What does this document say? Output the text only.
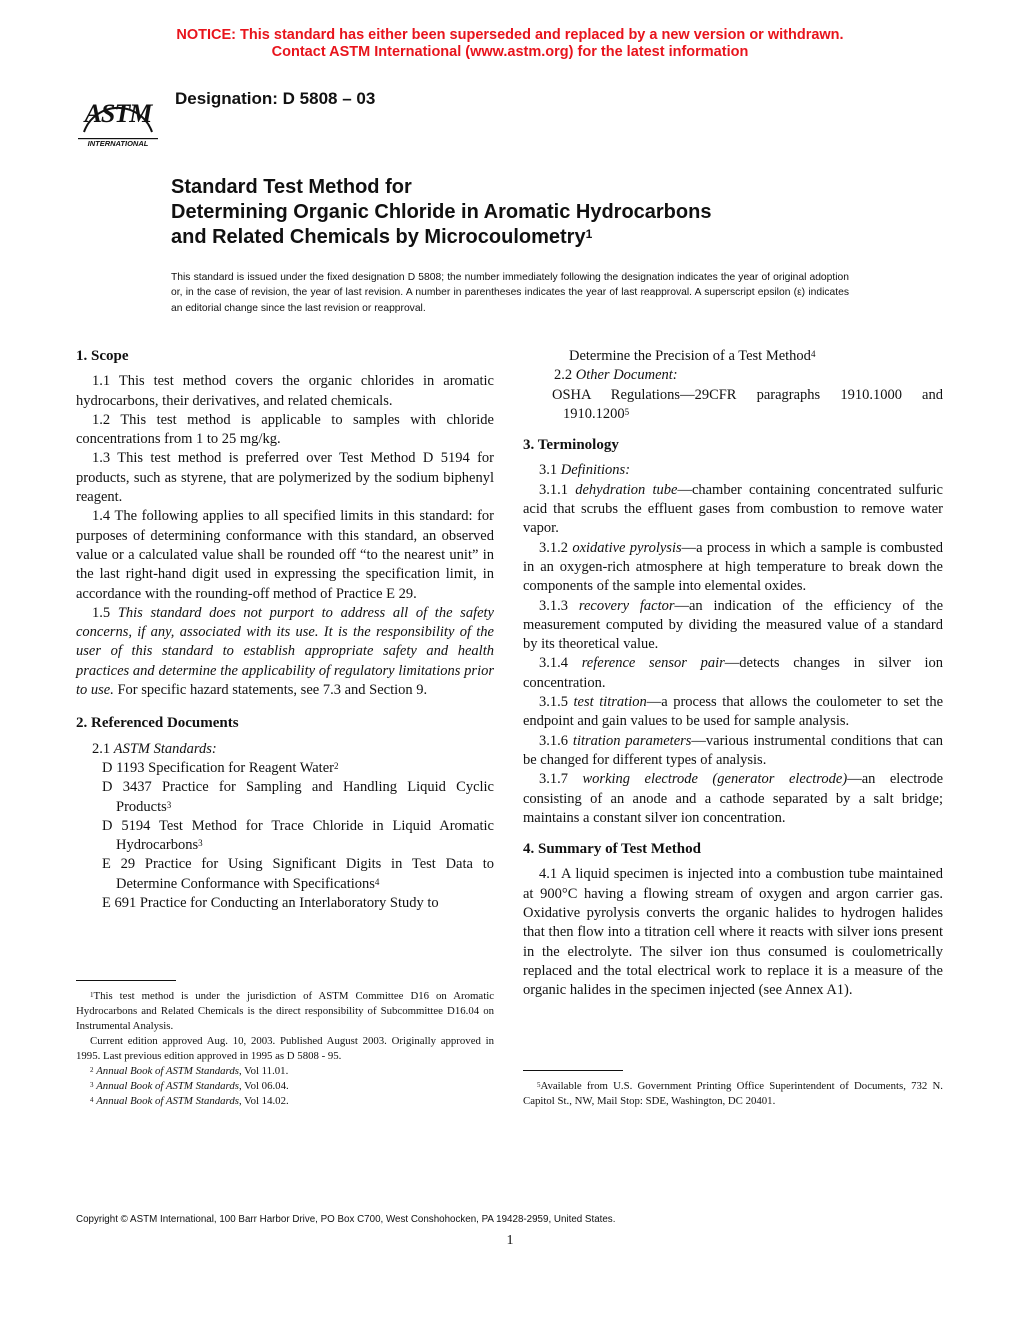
NOTICE: This standard has either been superseded and replaced by a new version or withdrawn.
Contact ASTM International (www.astm.org) for the latest information
ASTM
INTERNATIONAL
Designation: D 5808 – 03
Standard Test Method for
Determining Organic Chloride in Aromatic Hydrocarbons
and Related Chemicals by Microcoulometry$^1$
This standard is issued under the fixed designation D 5808; the number immediately following the designation indicates the year of original adoption or, in the case of revision, the year of last revision. A number in parentheses indicates the year of last reapproval. A superscript epsilon (ε) indicates an editorial change since the last revision or reapproval.
1. Scope

1.1 This test method covers the organic chlorides in aromatic hydrocarbons, their derivatives, and related chemicals.

1.2 This test method is applicable to samples with chloride concentrations from 1 to 25 mg/kg.

1.3 This test method is preferred over Test Method D 5194 for products, such as styrene, that are polymerized by the sodium biphenyl reagent.

1.4 The following applies to all specified limits in this standard: for purposes of determining conformance with this standard, an observed value or a calculated value shall be rounded off “to the nearest unit” in the last right-hand digit used in expressing the specification limit, in accordance with the rounding-off method of Practice E 29.

1.5 This standard does not purport to address all of the safety concerns, if any, associated with its use. It is the responsibility of the user of this standard to establish appropriate safety and health practices and determine the applicability of regulatory limitations prior to use. For specific hazard statements, see 7.3 and Section 9.

2. Referenced Documents

2.1 ASTM Standards:

D 1193 Specification for Reagent Water$^2$

D 3437 Practice for Sampling and Handling Liquid Cyclic Products$^3$

D 5194 Test Method for Trace Chloride in Liquid Aromatic Hydrocarbons$^3$

E 29 Practice for Using Significant Digits in Test Data to Determine Conformance with Specifications$^4$

E 691 Practice for Conducting an Interlaboratory Study to

Determine the Precision of a Test Method$^4$

2.2 Other Document:

OSHA Regulations—29CFR paragraphs 1910.1000 and 1910.1200$^5$

3. Terminology

3.1 Definitions:

3.1.1 dehydration tube—chamber containing concentrated sulfuric acid that scrubs the effluent gases from combustion to remove water vapor.

3.1.2 oxidative pyrolysis—a process in which a sample is combusted in an oxygen-rich atmosphere at high temperature to break down the components of the sample into elemental oxides.

3.1.3 recovery factor—an indication of the efficiency of the measurement computed by dividing the measured value of a standard by its theoretical value.

3.1.4 reference sensor pair—detects changes in silver ion concentration.

3.1.5 test titration—a process that allows the coulometer to set the endpoint and gain values to be used for sample analysis.

3.1.6 titration parameters—various instrumental conditions that can be changed for different types of analysis.

3.1.7 working electrode (generator electrode)—an electrode consisting of an anode and a cathode separated by a salt bridge; maintains a constant silver ion concentration.

4. Summary of Test Method

4.1 A liquid specimen is injected into a combustion tube maintained at 900°C having a flowing stream of oxygen and argon carrier gas. Oxidative pyrolysis converts the organic halides to hydrogen halides that then flow into a titration cell where it reacts with silver ions present in the electrolyte. The silver ion thus consumed is coulometrically replaced and the total electrical work to replace it is a measure of the organic halides in the specimen injected (see Annex A1).

$^1$This test method is under the jurisdiction of ASTM Committee D16 on Aromatic Hydrocarbons and Related Chemicals is the direct responsibility of Subcommittee D16.04 on Instrumental Analysis.

Current edition approved Aug. 10, 2003. Published August 2003. Originally approved in 1995. Last previous edition approved in 1995 as D 5808 - 95.

$^2$ Annual Book of ASTM Standards, Vol 11.01.

$^3$ Annual Book of ASTM Standards, Vol 06.04.

$^4$ Annual Book of ASTM Standards, Vol 14.02.

$^5$Available from U.S. Government Printing Office Superintendent of Documents, 732 N. Capitol St., NW, Mail Stop: SDE, Washington, DC 20401.

Copyright © ASTM International, 100 Barr Harbor Drive, PO Box C700, West Conshohocken, PA 19428-2959, United States.
1
